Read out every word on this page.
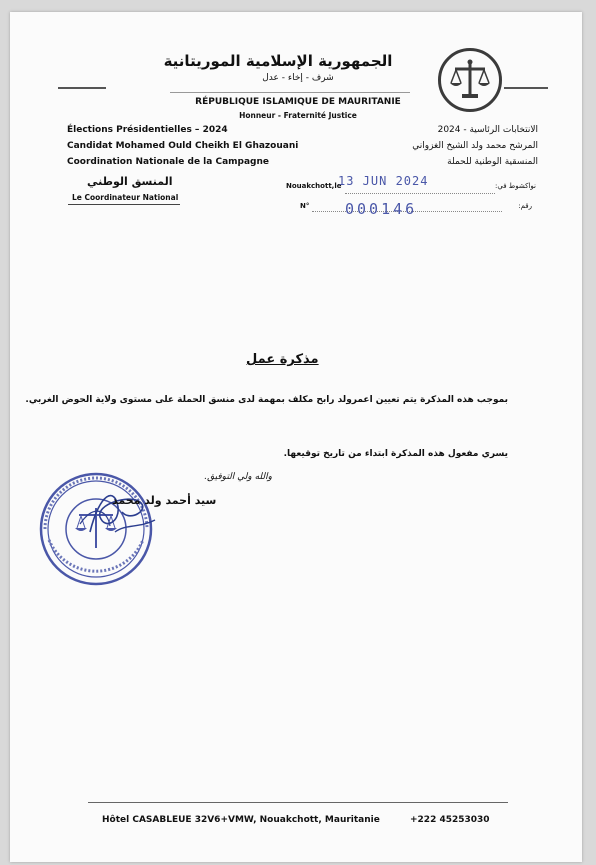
الجمهورية الإسلامية الموريتانية
شرف - إخاء - عدل
RÉPUBLIQUE ISLAMIQUE DE MAURITANIE
Honneur - Fraternité Justice
Élections Présidentielles – 2024
Candidat Mohamed Ould Cheikh El Ghazouani
Coordination Nationale de la Campagne
المنسق الوطني
Le Coordinateur National
الانتخابات الرئاسية - 2024
المرشح محمد ولد الشيخ الغزواني
المنسقية الوطنية للحملة
Nouakchott,le
13 JUN 2024	نواكشوط في:
N° 000146	رقم:
مذكرة عمل
بموجب هذه المذكرة يتم تعيين اعمرولد رابح مكلف بمهمة لدى منسق الحملة على مستوى ولاية الحوض الغربي.
يسري مفعول هذه المذكرة ابتداء من تاريخ توقيعها.
والله ولي التوفيق.
سيد أحمد ولد محمد
Hôtel CASABLEUE 32V6+VMW, Nouakchott, Mauritanie	+222 45253030
